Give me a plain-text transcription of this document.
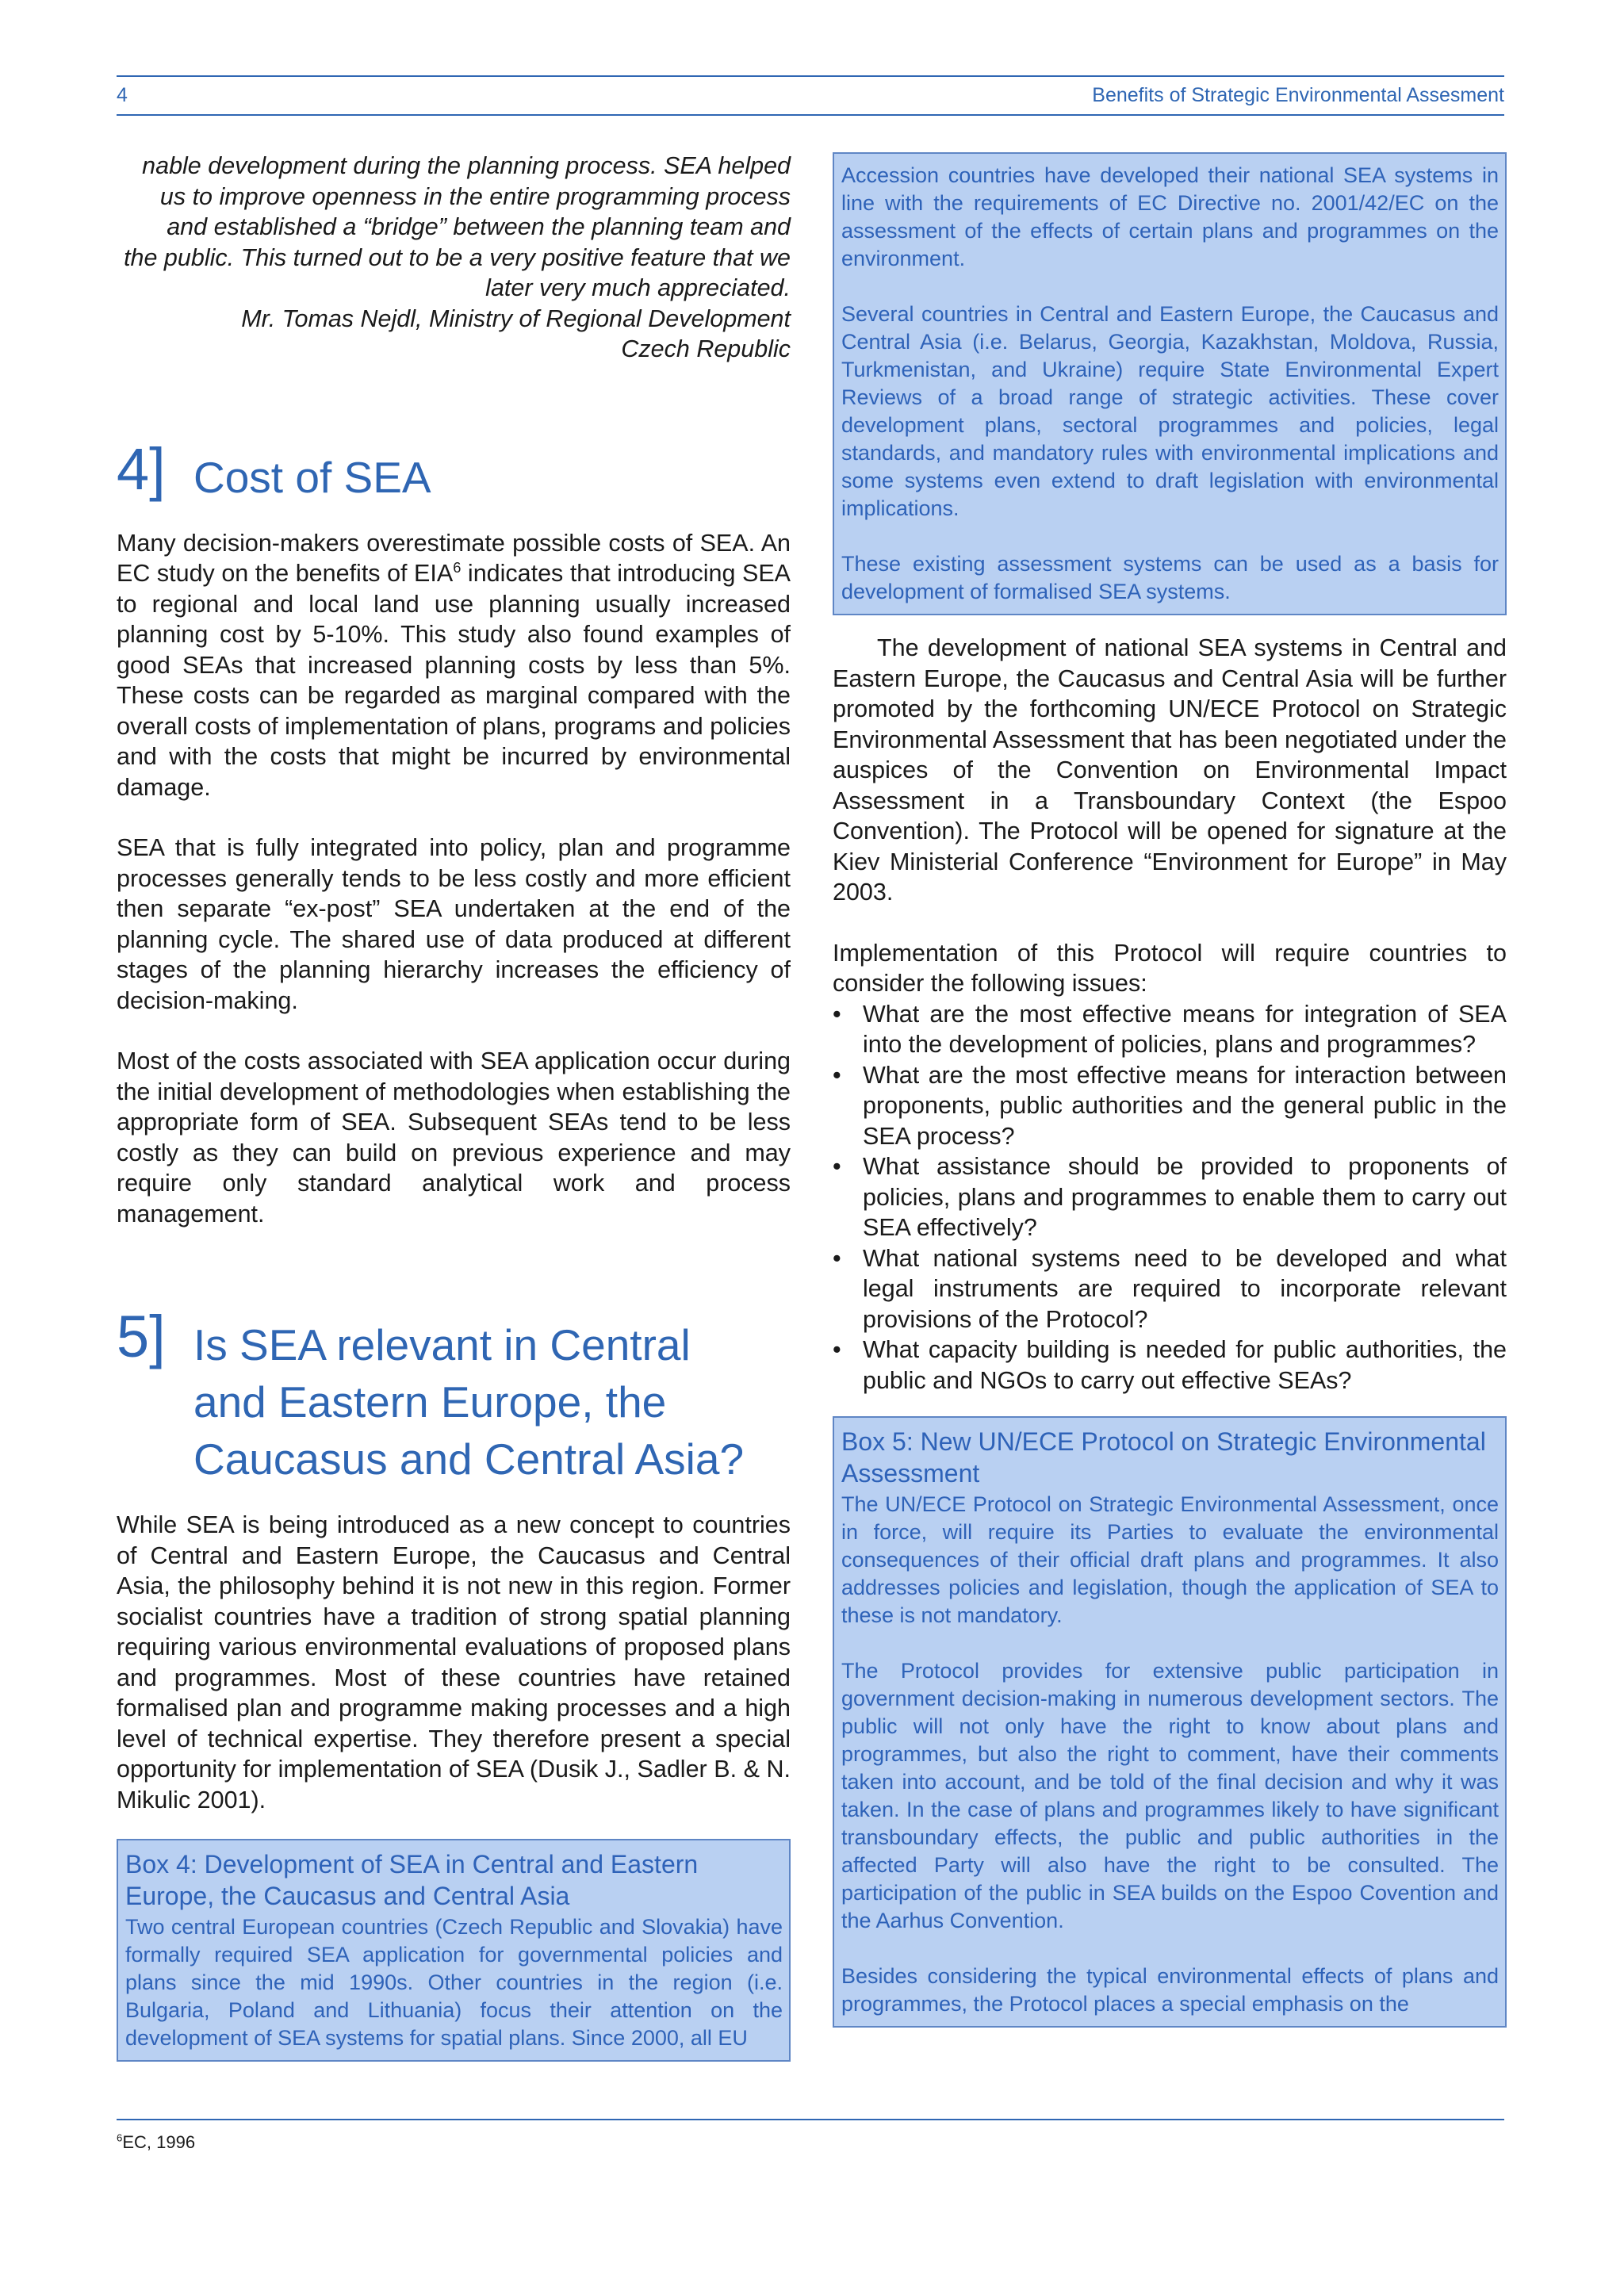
4	Benefits of Strategic Environmental Assesment

nable development during the planning process. SEA helped

us to improve openness in the entire programming process

and established a “bridge” between the planning team and

the public. This turned out to be a very positive feature that we

later very much appreciated.

Mr. Tomas Nejdl, Ministry of Regional Development

Czech Republic

4] Cost of SEA

Many decision-makers overestimate possible costs of SEA. An EC study on the benefits of EIA$^6$ indicates that introducing SEA to regional and local land use planning usually increased planning cost by 5-10%. This study also found examples of good SEAs that increased planning costs by less than 5%. These costs can be regarded as marginal compared with the overall costs of implementation of plans, programs and policies and with the costs that might be incurred by environmental damage.

SEA that is fully integrated into policy, plan and programme processes generally tends to be less costly and more efficient then separate “ex-post” SEA undertaken at the end of the planning cycle. The shared use of data produced at different stages of the planning hierarchy increases the efficiency of decision-making.

Most of the costs associated with SEA application occur during the initial development of methodologies when establishing the appropriate form of SEA. Subsequent SEAs tend to be less costly as they can build on previous experience and may require only standard analytical work and process management.

5] Is SEA relevant in Central
and Eastern Europe, the
Caucasus and Central Asia?

While SEA is being introduced as a new concept to countries of Central and Eastern Europe, the Caucasus and Central Asia, the philosophy behind it is not new in this region. Former socialist countries have a tradition of strong spatial planning requiring various environmental evaluations of proposed plans and programmes. Most of these countries have retained formalised plan and programme making processes and a high level of technical expertise. They therefore present a special opportunity for implementation of SEA (Dusik J., Sadler B. & N. Mikulic 2001).

Box 4: Development of SEA in Central and Eastern Europe, the Caucasus and Central Asia

Two central European countries (Czech Republic and Slovakia) have formally required SEA application for governmental policies and plans since the mid 1990s. Other countries in the region (i.e. Bulgaria, Poland and Lithuania) focus their attention on the development of SEA systems for spatial plans. Since 2000, all EU

Accession countries have developed their national SEA systems in line with the requirements of EC Directive no. 2001/42/EC on the assessment of the effects of certain plans and programmes on the environment.

Several countries in Central and Eastern Europe, the Caucasus and Central Asia (i.e. Belarus, Georgia, Kazakhstan, Moldova, Russia, Turkmenistan, and Ukraine) require State Environmental Expert Reviews of a broad range of strategic activities. These cover development plans, sectoral programmes and policies, legal standards, and mandatory rules with environmental implications and some systems even extend to draft legislation with environmental implications.

These existing assessment systems can be used as a basis for development of formalised SEA systems.

The development of national SEA systems in Central and Eastern Europe, the Caucasus and Central Asia will be further promoted by the forthcoming UN/ECE Protocol on Strategic Environmental Assessment that has been negotiated under the auspices of the Convention on Environmental Impact Assessment in a Transboundary Context (the Espoo Convention). The Protocol will be opened for signature at the Kiev Ministerial Conference “Environment for Europe” in May 2003.

Implementation of this Protocol will require countries to consider the following issues:

• What are the most effective means for integration of SEA into the development of policies, plans and programmes?
• What are the most effective means for interaction between proponents, public authorities and the general public in the SEA process?
• What assistance should be provided to proponents of policies, plans and programmes to enable them to carry out SEA effectively?
• What national systems need to be developed and what legal instruments are required to incorporate relevant provisions of the Protocol?
• What capacity building is needed for public authorities, the public and NGOs to carry out effective SEAs?

Box 5: New UN/ECE Protocol on Strategic Environmental Assessment

The UN/ECE Protocol on Strategic Environmental Assessment, once in force, will require its Parties to evaluate the environmental consequences of their official draft plans and programmes. It also addresses policies and legislation, though the application of SEA to these is not mandatory.

The Protocol provides for extensive public participation in government decision-making in numerous development sectors. The public will not only have the right to know about plans and programmes, but also the right to comment, have their comments taken into account, and be told of the final decision and why it was taken. In the case of plans and programmes likely to have significant transboundary effects, the public and public authorities in the affected Party will also have the right to be consulted. The participation of the public in SEA builds on the Espoo Covention and the Aarhus Convention.

Besides considering the typical environmental effects of plans and programmes, the Protocol places a special emphasis on the

$^6$EC, 1996
